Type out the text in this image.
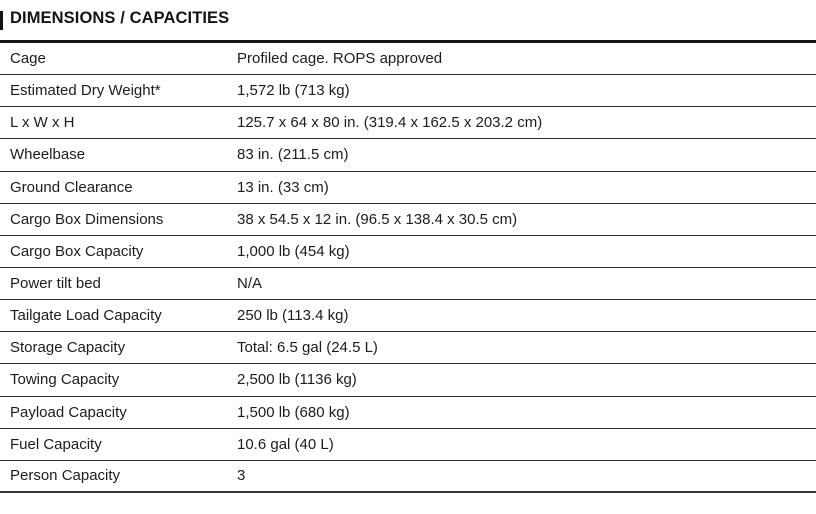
DIMENSIONS / CAPACITIES
Cage	Profiled cage. ROPS approved
Estimated Dry Weight*	1,572 lb (713 kg)
L x W x H	125.7 x 64 x 80 in. (319.4 x 162.5 x 203.2 cm)
Wheelbase	83 in. (211.5 cm)
Ground Clearance	13 in. (33 cm)
Cargo Box Dimensions	38 x 54.5 x 12 in. (96.5 x 138.4 x 30.5 cm)
Cargo Box Capacity	1,000 lb (454 kg)
Power tilt bed	N/A
Tailgate Load Capacity	250 lb (113.4 kg)
Storage Capacity	Total: 6.5 gal (24.5 L)
Towing Capacity	2,500 lb (1136 kg)
Payload Capacity	1,500 lb (680 kg)
Fuel Capacity	10.6 gal (40 L)
Person Capacity	3
